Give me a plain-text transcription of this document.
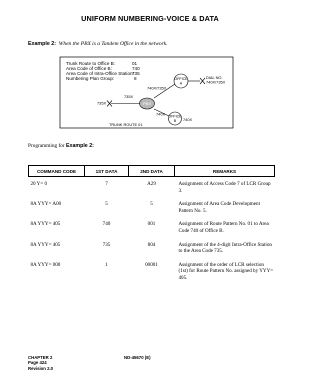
UNIFORM NUMBERING-VOICE & DATA
Example 2: When the PBX is a Tandem Office in the network.
Trunk Route to Office B:	01
Area Code of Office B:	740
Area Code of Intra-Office Station:
735
Numbering Plan Group:	8
PBX
OFFICE
A
OFFICE
B
740X/735X
DIAL NO.
740X/735X
735X
735X
740X
740X
TRUNK ROUTE 01
Programming for Example 2:
COMMAND CODE	1ST DATA	2ND DATA	REMARKS
20 Y= 0	7	A29	Assignment of Access Code 7 of LCR Group 3.
8A YYY= A00	5	5	Assignment of Area Code Development Pattern No. 5.
8A YYY= 405	740	001	Assignment of Route Pattern No. 01 to Area Code 740 of Office B.
8A YYY= 405	735	804	Assignment of the 4-digit Intra-Office Station to the Area Code 735.
8A YYY= 000	1	00001	Assignment of the order of LCR selection (1st) for Route Pattern No. assigned by YYY= 405.
CHAPTER 2
Page 424
Revision 2.0
ND-45670 (E)
